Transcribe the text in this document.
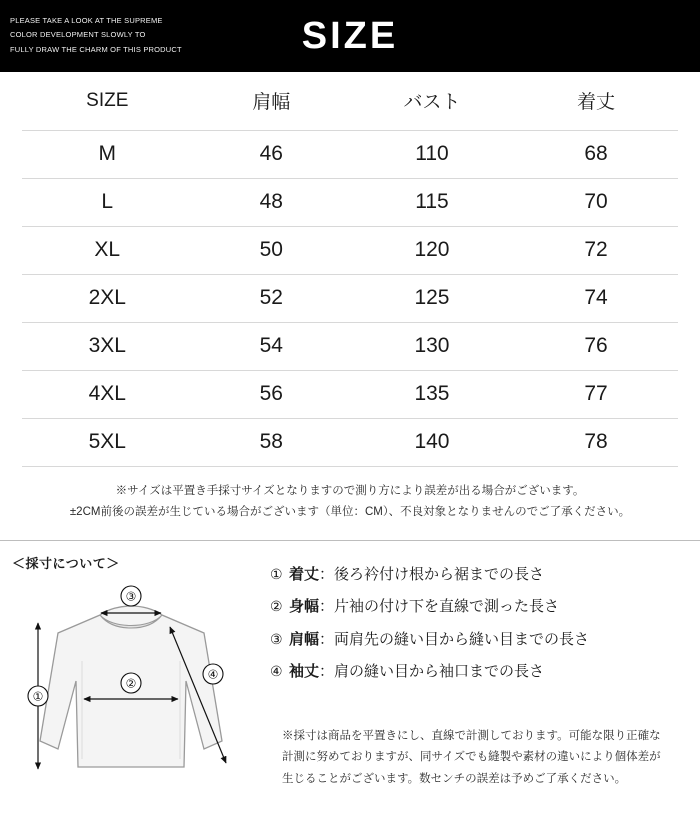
PLEASE TAKE A LOOK AT THE SUPREME
COLOR DEVELOPMENT SLOWLY TO
FULLY DRAW THE CHARM OF THIS PRODUCT	SIZE
SIZE	肩幅	バスト	着丈
M	46	110	68
L	48	115	70
XL	50	120	72
2XL	52	125	74
3XL	54	130	76
4XL	56	135	77
5XL	58	140	78
※サイズは平置き手採寸サイズとなりますので測り方により誤差が出る場合がございます。
±2CM前後の誤差が生じている場合がございます（単位：CM）、不良対象となりませんのでご了承ください。
＜採寸について＞
③
②
①
④
① 着丈 ：後ろ衿付け根から裾までの長さ
② 身幅 ：片袖の付け下を直線で測った長さ
③ 肩幅 ：両肩先の縫い目から縫い目までの長さ
④ 袖丈 ：肩の縫い目から袖口までの長さ
※採寸は商品を平置きにし、直線で計測しております。可能な限り正確な
計測に努めておりますが、同サイズでも縫製や素材の違いにより個体差が
生じることがございます。数センチの誤差は予めご了承ください。
